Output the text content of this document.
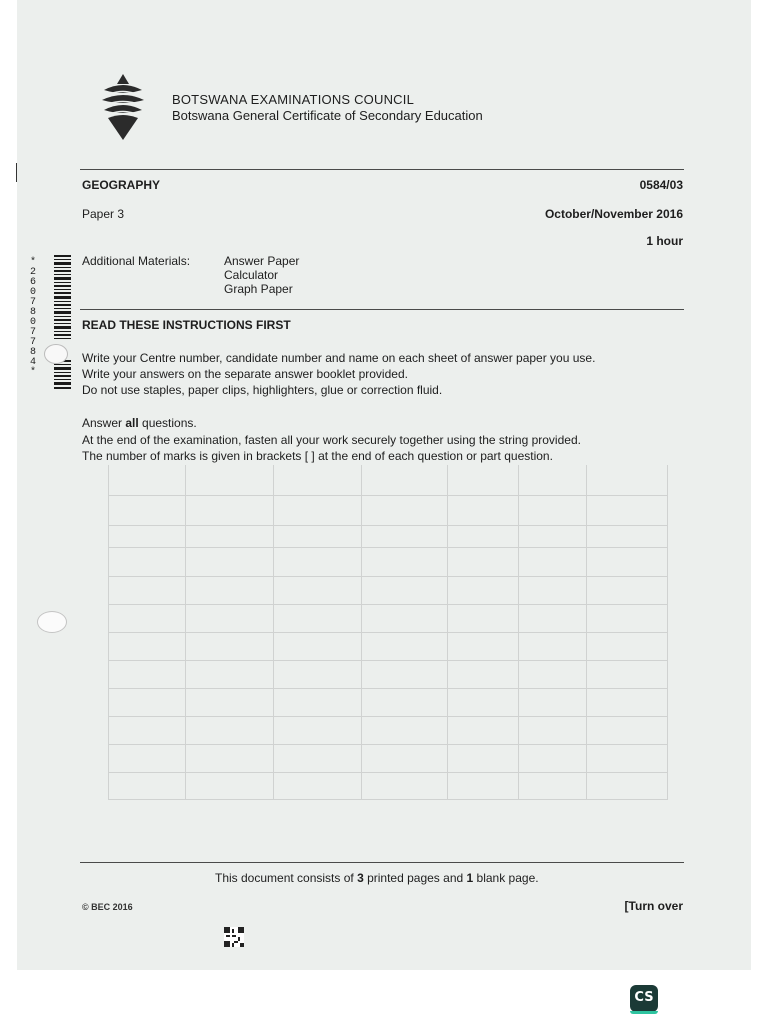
BOTSWANA EXAMINATIONS COUNCIL
Botswana General Certificate of Secondary Education
GEOGRAPHY	0584/03
Paper 3	October/November 2016
1 hour
Additional Materials:	Answer Paper
Calculator
Graph Paper
READ THESE INSTRUCTIONS FIRST
Write your Centre number, candidate number and name on each sheet of answer paper you use.
Write your answers on the separate answer booklet provided.
Do not use staples, paper clips, highlighters, glue or correction fluid.
Answer all questions.
At the end of the examination, fasten all your work securely together using the string provided.
The number of marks is given in brackets [ ] at the end of each question or part question.
This document consists of 3 printed pages and 1 blank page.
© BEC 2016	[Turn over
*2607807784*
CS
